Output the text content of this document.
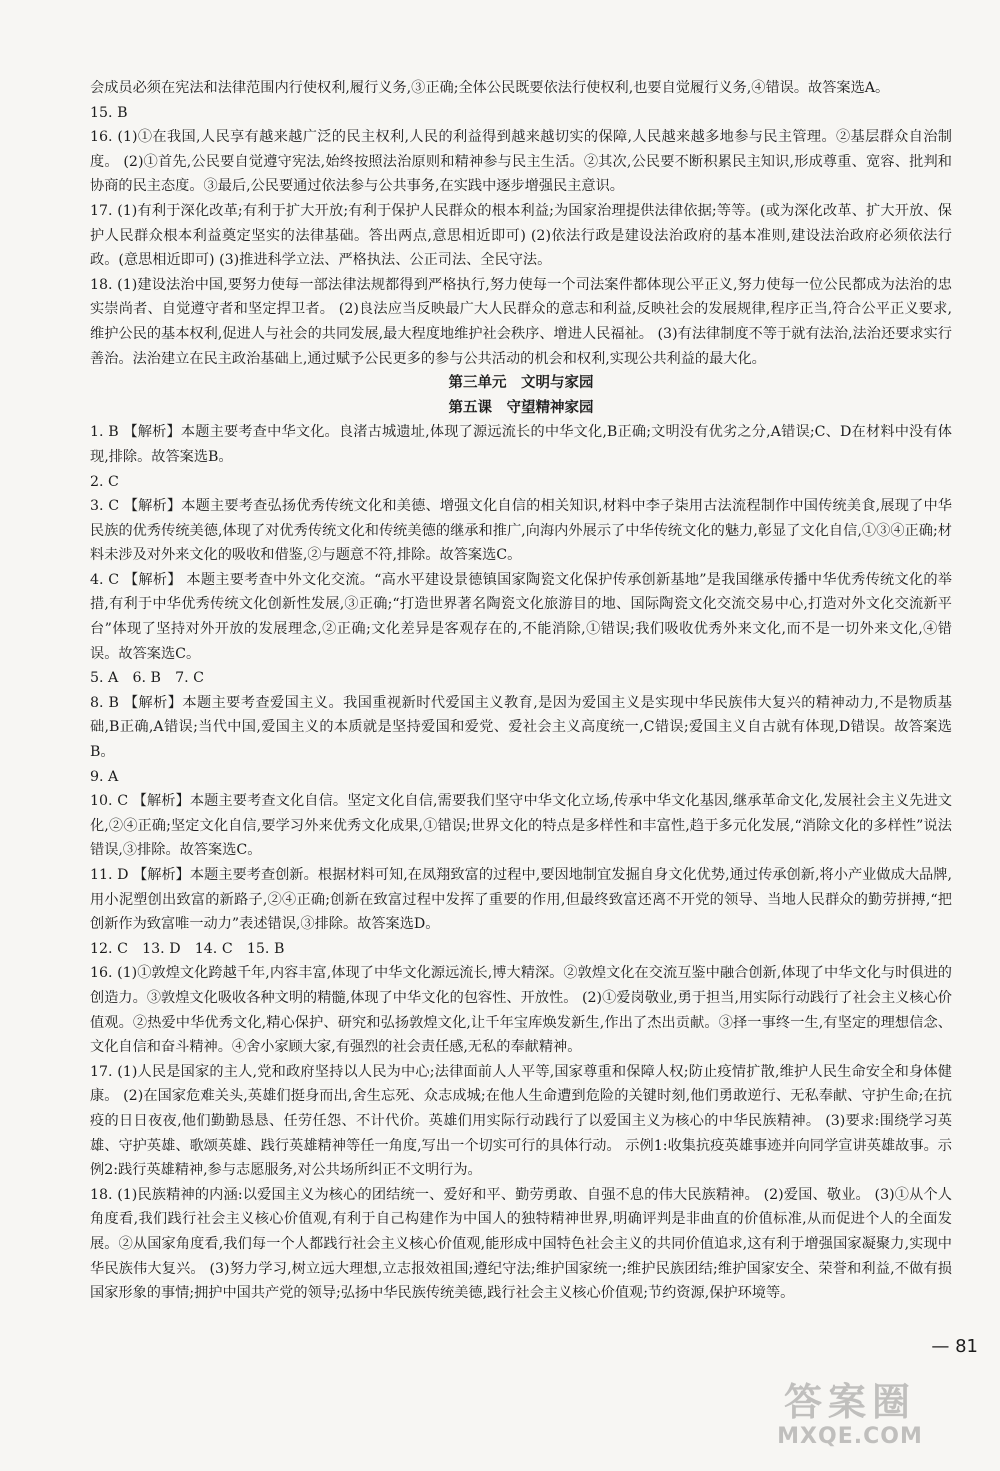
会成员必须在宪法和法律范围内行使权利,履行义务,③正确;全体公民既要依法行使权利,也要自觉履行义务,④错误。故答案选A。

15. B

16. (1)①在我国,人民享有越来越广泛的民主权利,人民的利益得到越来越切实的保障,人民越来越多地参与民主管理。②基层群众自治制度。 (2)①首先,公民要自觉遵守宪法,始终按照法治原则和精神参与民主生活。②其次,公民要不断积累民主知识,形成尊重、宽容、批判和协商的民主态度。③最后,公民要通过依法参与公共事务,在实践中逐步增强民主意识。

17. (1)有利于深化改革;有利于扩大开放;有利于保护人民群众的根本利益;为国家治理提供法律依据;等等。(或为深化改革、扩大开放、保护人民群众根本利益奠定坚实的法律基础。答出两点,意思相近即可) (2)依法行政是建设法治政府的基本准则,建设法治政府必须依法行政。(意思相近即可) (3)推进科学立法、严格执法、公正司法、全民守法。

18. (1)建设法治中国,要努力使每一部法律法规都得到严格执行,努力使每一个司法案件都体现公平正义,努力使每一位公民都成为法治的忠实崇尚者、自觉遵守者和坚定捍卫者。 (2)良法应当反映最广大人民群众的意志和利益,反映社会的发展规律,程序正当,符合公平正义要求,维护公民的基本权利,促进人与社会的共同发展,最大程度地维护社会秩序、增进人民福祉。 (3)有法律制度不等于就有法治,法治还要求实行善治。法治建立在民主政治基础上,通过赋予公民更多的参与公共活动的机会和权利,实现公共利益的最大化。

第三单元　文明与家园

第五课　守望精神家园

1. B 【解析】本题主要考查中华文化。良渚古城遗址,体现了源远流长的中华文化,B正确;文明没有优劣之分,A错误;C、D在材料中没有体现,排除。故答案选B。

2. C

3. C 【解析】本题主要考查弘扬优秀传统文化和美德、增强文化自信的相关知识,材料中李子柒用古法流程制作中国传统美食,展现了中华民族的优秀传统美德,体现了对优秀传统文化和传统美德的继承和推广,向海内外展示了中华传统文化的魅力,彰显了文化自信,①③④正确;材料未涉及对外来文化的吸收和借鉴,②与题意不符,排除。故答案选C。

4. C 【解析】 本题主要考查中外文化交流。“高水平建设景德镇国家陶瓷文化保护传承创新基地”是我国继承传播中华优秀传统文化的举措,有利于中华优秀传统文化创新性发展,③正确;“打造世界著名陶瓷文化旅游目的地、国际陶瓷文化交流交易中心,打造对外文化交流新平台”体现了坚持对外开放的发展理念,②正确;文化差异是客观存在的,不能消除,①错误;我们吸收优秀外来文化,而不是一切外来文化,④错误。故答案选C。

5. A　6. B　7. C

8. B 【解析】本题主要考查爱国主义。我国重视新时代爱国主义教育,是因为爱国主义是实现中华民族伟大复兴的精神动力,不是物质基础,B正确,A错误;当代中国,爱国主义的本质就是坚持爱国和爱党、爱社会主义高度统一,C错误;爱国主义自古就有体现,D错误。故答案选B。

9. A

10. C 【解析】本题主要考查文化自信。坚定文化自信,需要我们坚守中华文化立场,传承中华文化基因,继承革命文化,发展社会主义先进文化,②④正确;坚定文化自信,要学习外来优秀文化成果,①错误;世界文化的特点是多样性和丰富性,趋于多元化发展,“消除文化的多样性”说法错误,③排除。故答案选C。

11. D 【解析】本题主要考查创新。根据材料可知,在凤翔致富的过程中,要因地制宜发掘自身文化优势,通过传承创新,将小产业做成大品牌,用小泥塑创出致富的新路子,②④正确;创新在致富过程中发挥了重要的作用,但最终致富还离不开党的领导、当地人民群众的勤劳拼搏,“把创新作为致富唯一动力”表述错误,③排除。故答案选D。

12. C　13. D　14. C　15. B

16. (1)①敦煌文化跨越千年,内容丰富,体现了中华文化源远流长,博大精深。②敦煌文化在交流互鉴中融合创新,体现了中华文化与时俱进的创造力。③敦煌文化吸收各种文明的精髓,体现了中华文化的包容性、开放性。 (2)①爱岗敬业,勇于担当,用实际行动践行了社会主义核心价值观。②热爱中华优秀文化,精心保护、研究和弘扬敦煌文化,让千年宝库焕发新生,作出了杰出贡献。③择一事终一生,有坚定的理想信念、文化自信和奋斗精神。④舍小家顾大家,有强烈的社会责任感,无私的奉献精神。

17. (1)人民是国家的主人,党和政府坚持以人民为中心;法律面前人人平等,国家尊重和保障人权;防止疫情扩散,维护人民生命安全和身体健康。 (2)在国家危难关头,英雄们挺身而出,舍生忘死、众志成城;在他人生命遭到危险的关键时刻,他们勇敢逆行、无私奉献、守护生命;在抗疫的日日夜夜,他们勤勤恳恳、任劳任怨、不计代价。英雄们用实际行动践行了以爱国主义为核心的中华民族精神。 (3)要求:围绕学习英雄、守护英雄、歌颂英雄、践行英雄精神等任一角度,写出一个切实可行的具体行动。 示例1:收集抗疫英雄事迹并向同学宣讲英雄故事。示例2:践行英雄精神,参与志愿服务,对公共场所纠正不文明行为。

18. (1)民族精神的内涵:以爱国主义为核心的团结统一、爱好和平、勤劳勇敢、自强不息的伟大民族精神。 (2)爱国、敬业。 (3)①从个人角度看,我们践行社会主义核心价值观,有利于自己构建作为中国人的独特精神世界,明确评判是非曲直的价值标准,从而促进个人的全面发展。②从国家角度看,我们每一个人都践行社会主义核心价值观,能形成中国特色社会主义的共同价值追求,这有利于增强国家凝聚力,实现中华民族伟大复兴。 (3)努力学习,树立远大理想,立志报效祖国;遵纪守法;维护国家统一;维护民族团结;维护国家安全、荣誉和利益,不做有损国家形象的事情;拥护中国共产党的领导;弘扬中华民族传统美德,践行社会主义核心价值观;节约资源,保护环境等。

— 81
答案圈
MXQE.COM
